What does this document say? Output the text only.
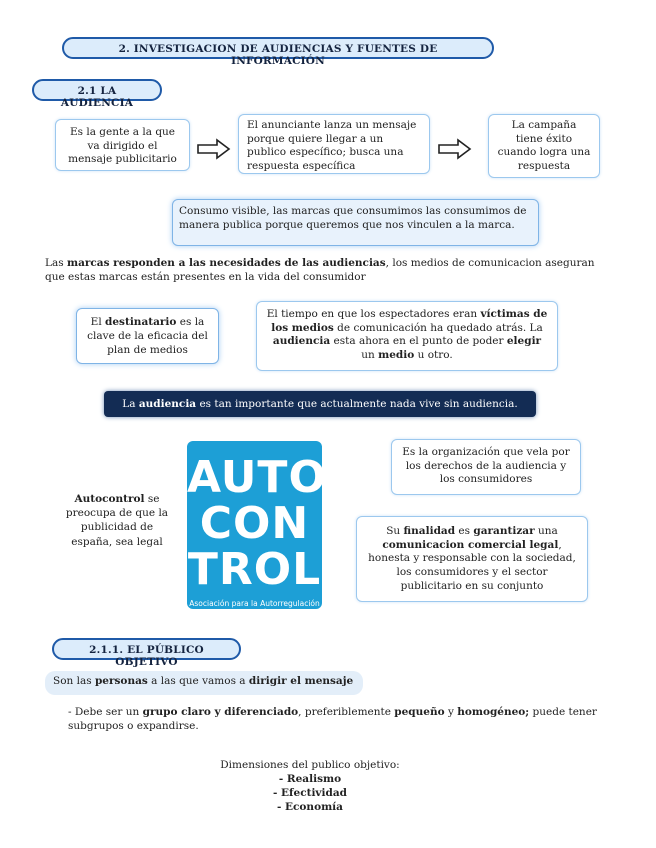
2. INVESTIGACION DE AUDIENCIAS Y FUENTES DE INFORMACIÓN
2.1 LA AUDIENCIA
Es la gente a la que va dirigido el mensaje publicitario
El anunciante lanza un mensaje porque quiere llegar a un publico específico; busca una respuesta específica
La campaña tiene éxito cuando logra una respuesta
Consumo visible, las marcas que consumimos las consumimos de manera publica porque queremos que nos vinculen a la marca.
Las marcas responden a las necesidades de las audiencias, los medios de comunicacion aseguran que estas marcas están presentes en la vida del consumidor
El destinatario es la clave de la eficacia del plan de medios
El tiempo en que los espectadores eran víctimas de los medios de comunicación ha quedado atrás. La audiencia esta ahora en el punto de poder elegir un medio u otro.
La audiencia es tan importante que actualmente nada vive sin audiencia.
Autocontrol se preocupa de que la publicidad de españa, sea legal
AUTO
CON
TROL
Asociación para la Autorregulación de la Comunicación Comercial
Es la organización que vela por los derechos de la audiencia y los consumidores
Su finalidad es garantizar una comunicacion comercial legal, honesta y responsable con la sociedad, los consumidores y el sector publicitario en su conjunto
2.1.1. EL PÚBLICO OBJETIVO
Son las personas a las que vamos a dirigir el mensaje
- Debe ser un grupo claro y diferenciado, preferiblemente pequeño y homogéneo; puede tener subgrupos o expandirse.
Dimensiones del publico objetivo:
- Realismo
- Efectividad
- Economía
